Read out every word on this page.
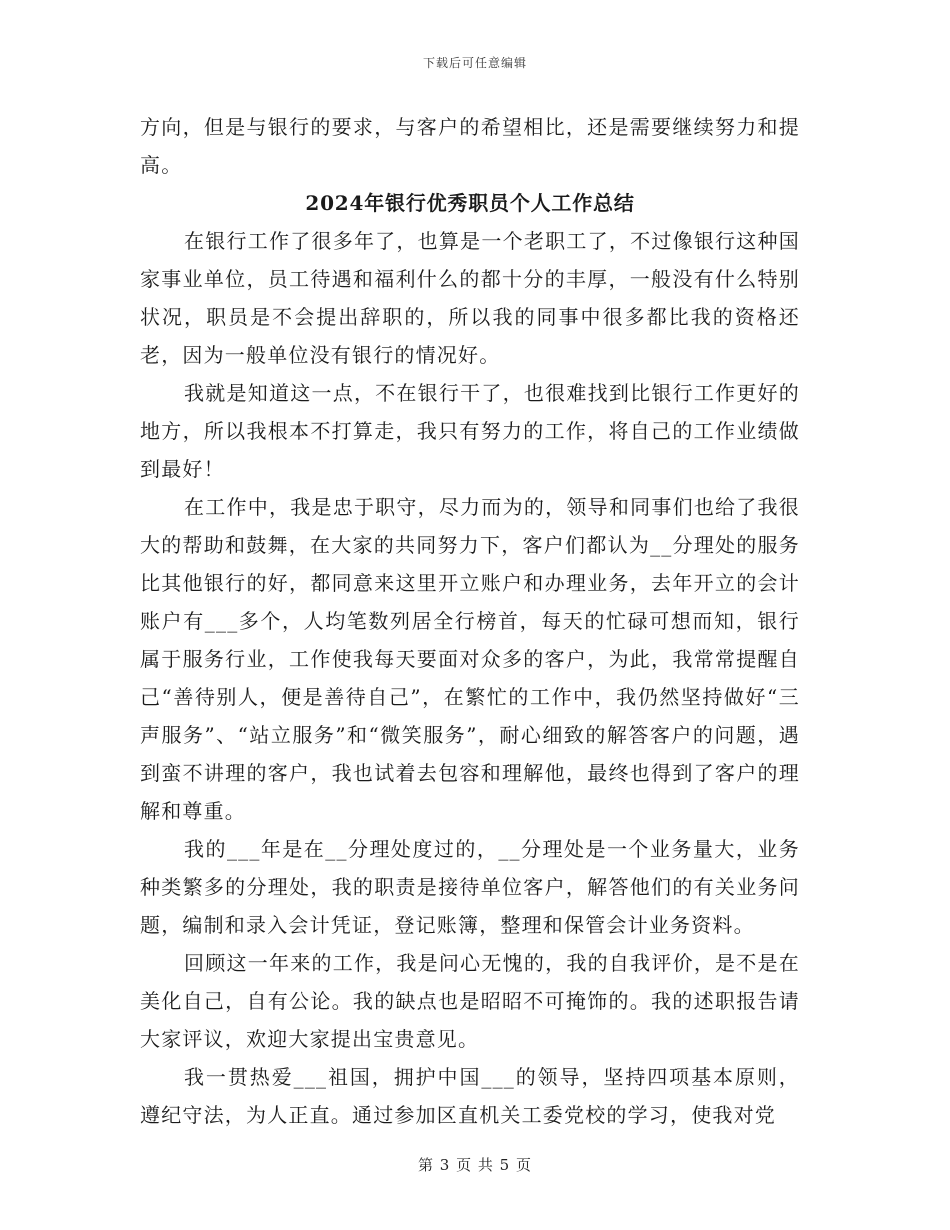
下载后可任意编辑

方向，但是与银行的要求，与客户的希望相比，还是需要继续努力和提高。

2024年银行优秀职员个人工作总结

在银行工作了很多年了，也算是一个老职工了，不过像银行这种国家事业单位，员工待遇和福利什么的都十分的丰厚，一般没有什么特别状况，职员是不会提出辞职的，所以我的同事中很多都比我的资格还老，因为一般单位没有银行的情况好。

我就是知道这一点，不在银行干了，也很难找到比银行工作更好的地方，所以我根本不打算走，我只有努力的工作，将自己的工作业绩做到最好！

在工作中，我是忠于职守，尽力而为的，领导和同事们也给了我很大的帮助和鼓舞，在大家的共同努力下，客户们都认为__分理处的服务比其他银行的好，都同意来这里开立账户和办理业务，去年开立的会计账户有___多个，人均笔数列居全行榜首，每天的忙碌可想而知，银行属于服务行业，工作使我每天要面对众多的客户，为此，我常常提醒自己“善待别人，便是善待自己”，在繁忙的工作中，我仍然坚持做好“三声服务”、“站立服务”和“微笑服务”，耐心细致的解答客户的问题，遇到蛮不讲理的客户，我也试着去包容和理解他，最终也得到了客户的理解和尊重。

我的___年是在__分理处度过的，__分理处是一个业务量大，业务种类繁多的分理处，我的职责是接待单位客户，解答他们的有关业务问题，编制和录入会计凭证，登记账簿，整理和保管会计业务资料。

回顾这一年来的工作，我是问心无愧的，我的自我评价，是不是在美化自己，自有公论。我的缺点也是昭昭不可掩饰的。我的述职报告请大家评议，欢迎大家提出宝贵意见。

我一贯热爱___祖国，拥护中国___的领导，坚持四项基本原则，遵纪守法，为人正直。通过参加区直机关工委党校的学习，使我对党

第 3 页 共 5 页
